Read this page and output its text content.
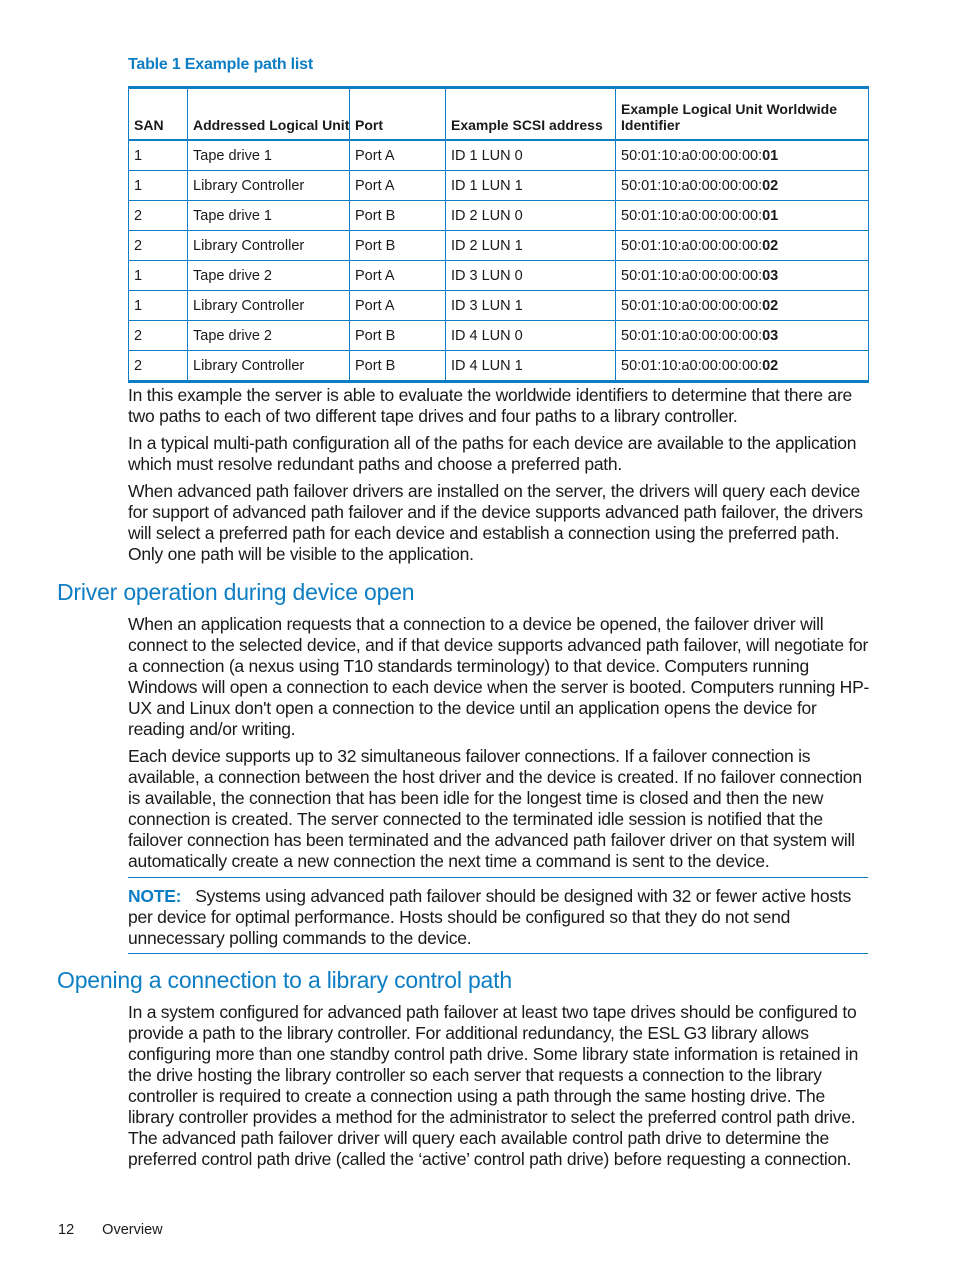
Table 1 Example path list
SAN	Addressed Logical Unit	Port	Example SCSI address	Example Logical Unit Worldwide Identifier
1	Tape drive 1	Port A	ID 1 LUN 0	50:01:10:a0:00:00:00:01
1	Library Controller	Port A	ID 1 LUN 1	50:01:10:a0:00:00:00:02
2	Tape drive 1	Port B	ID 2 LUN 0	50:01:10:a0:00:00:00:01
2	Library Controller	Port B	ID 2 LUN 1	50:01:10:a0:00:00:00:02
1	Tape drive 2	Port A	ID 3 LUN 0	50:01:10:a0:00:00:00:03
1	Library Controller	Port A	ID 3 LUN 1	50:01:10:a0:00:00:00:02
2	Tape drive 2	Port B	ID 4 LUN 0	50:01:10:a0:00:00:00:03
2	Library Controller	Port B	ID 4 LUN 1	50:01:10:a0:00:00:00:02

In this example the server is able to evaluate the worldwide identifiers to determine that there are two paths to each of two different tape drives and four paths to a library controller.

In a typical multi-path configuration all of the paths for each device are available to the application which must resolve redundant paths and choose a preferred path.

When advanced path failover drivers are installed on the server, the drivers will query each device for support of advanced path failover and if the device supports advanced path failover, the drivers will select a preferred path for each device and establish a connection using the preferred path. Only one path will be visible to the application.

Driver operation during device open

When an application requests that a connection to a device be opened, the failover driver will connect to the selected device, and if that device supports advanced path failover, will negotiate for a connection (a nexus using T10 standards terminology) to that device. Computers running Windows will open a connection to each device when the server is booted. Computers running HP-UX and Linux don't open a connection to the device until an application opens the device for reading and/or writing.

Each device supports up to 32 simultaneous failover connections. If a failover connection is available, a connection between the host driver and the device is created. If no failover connection is available, the connection that has been idle for the longest time is closed and then the new connection is created. The server connected to the terminated idle session is notified that the failover connection has been terminated and the advanced path failover driver on that system will automatically create a new connection the next time a command is sent to the device.

NOTE: Systems using advanced path failover should be designed with 32 or fewer active hosts per device for optimal performance. Hosts should be configured so that they do not send unnecessary polling commands to the device.

Opening a connection to a library control path

In a system configured for advanced path failover at least two tape drives should be configured to provide a path to the library controller. For additional redundancy, the ESL G3 library allows configuring more than one standby control path drive. Some library state information is retained in the drive hosting the library controller so each server that requests a connection to the library controller is required to create a connection using a path through the same hosting drive. The library controller provides a method for the administrator to select the preferred control path drive. The advanced path failover driver will query each available control path drive to determine the preferred control path drive (called the ‘active’ control path drive) before requesting a connection.

12 Overview
